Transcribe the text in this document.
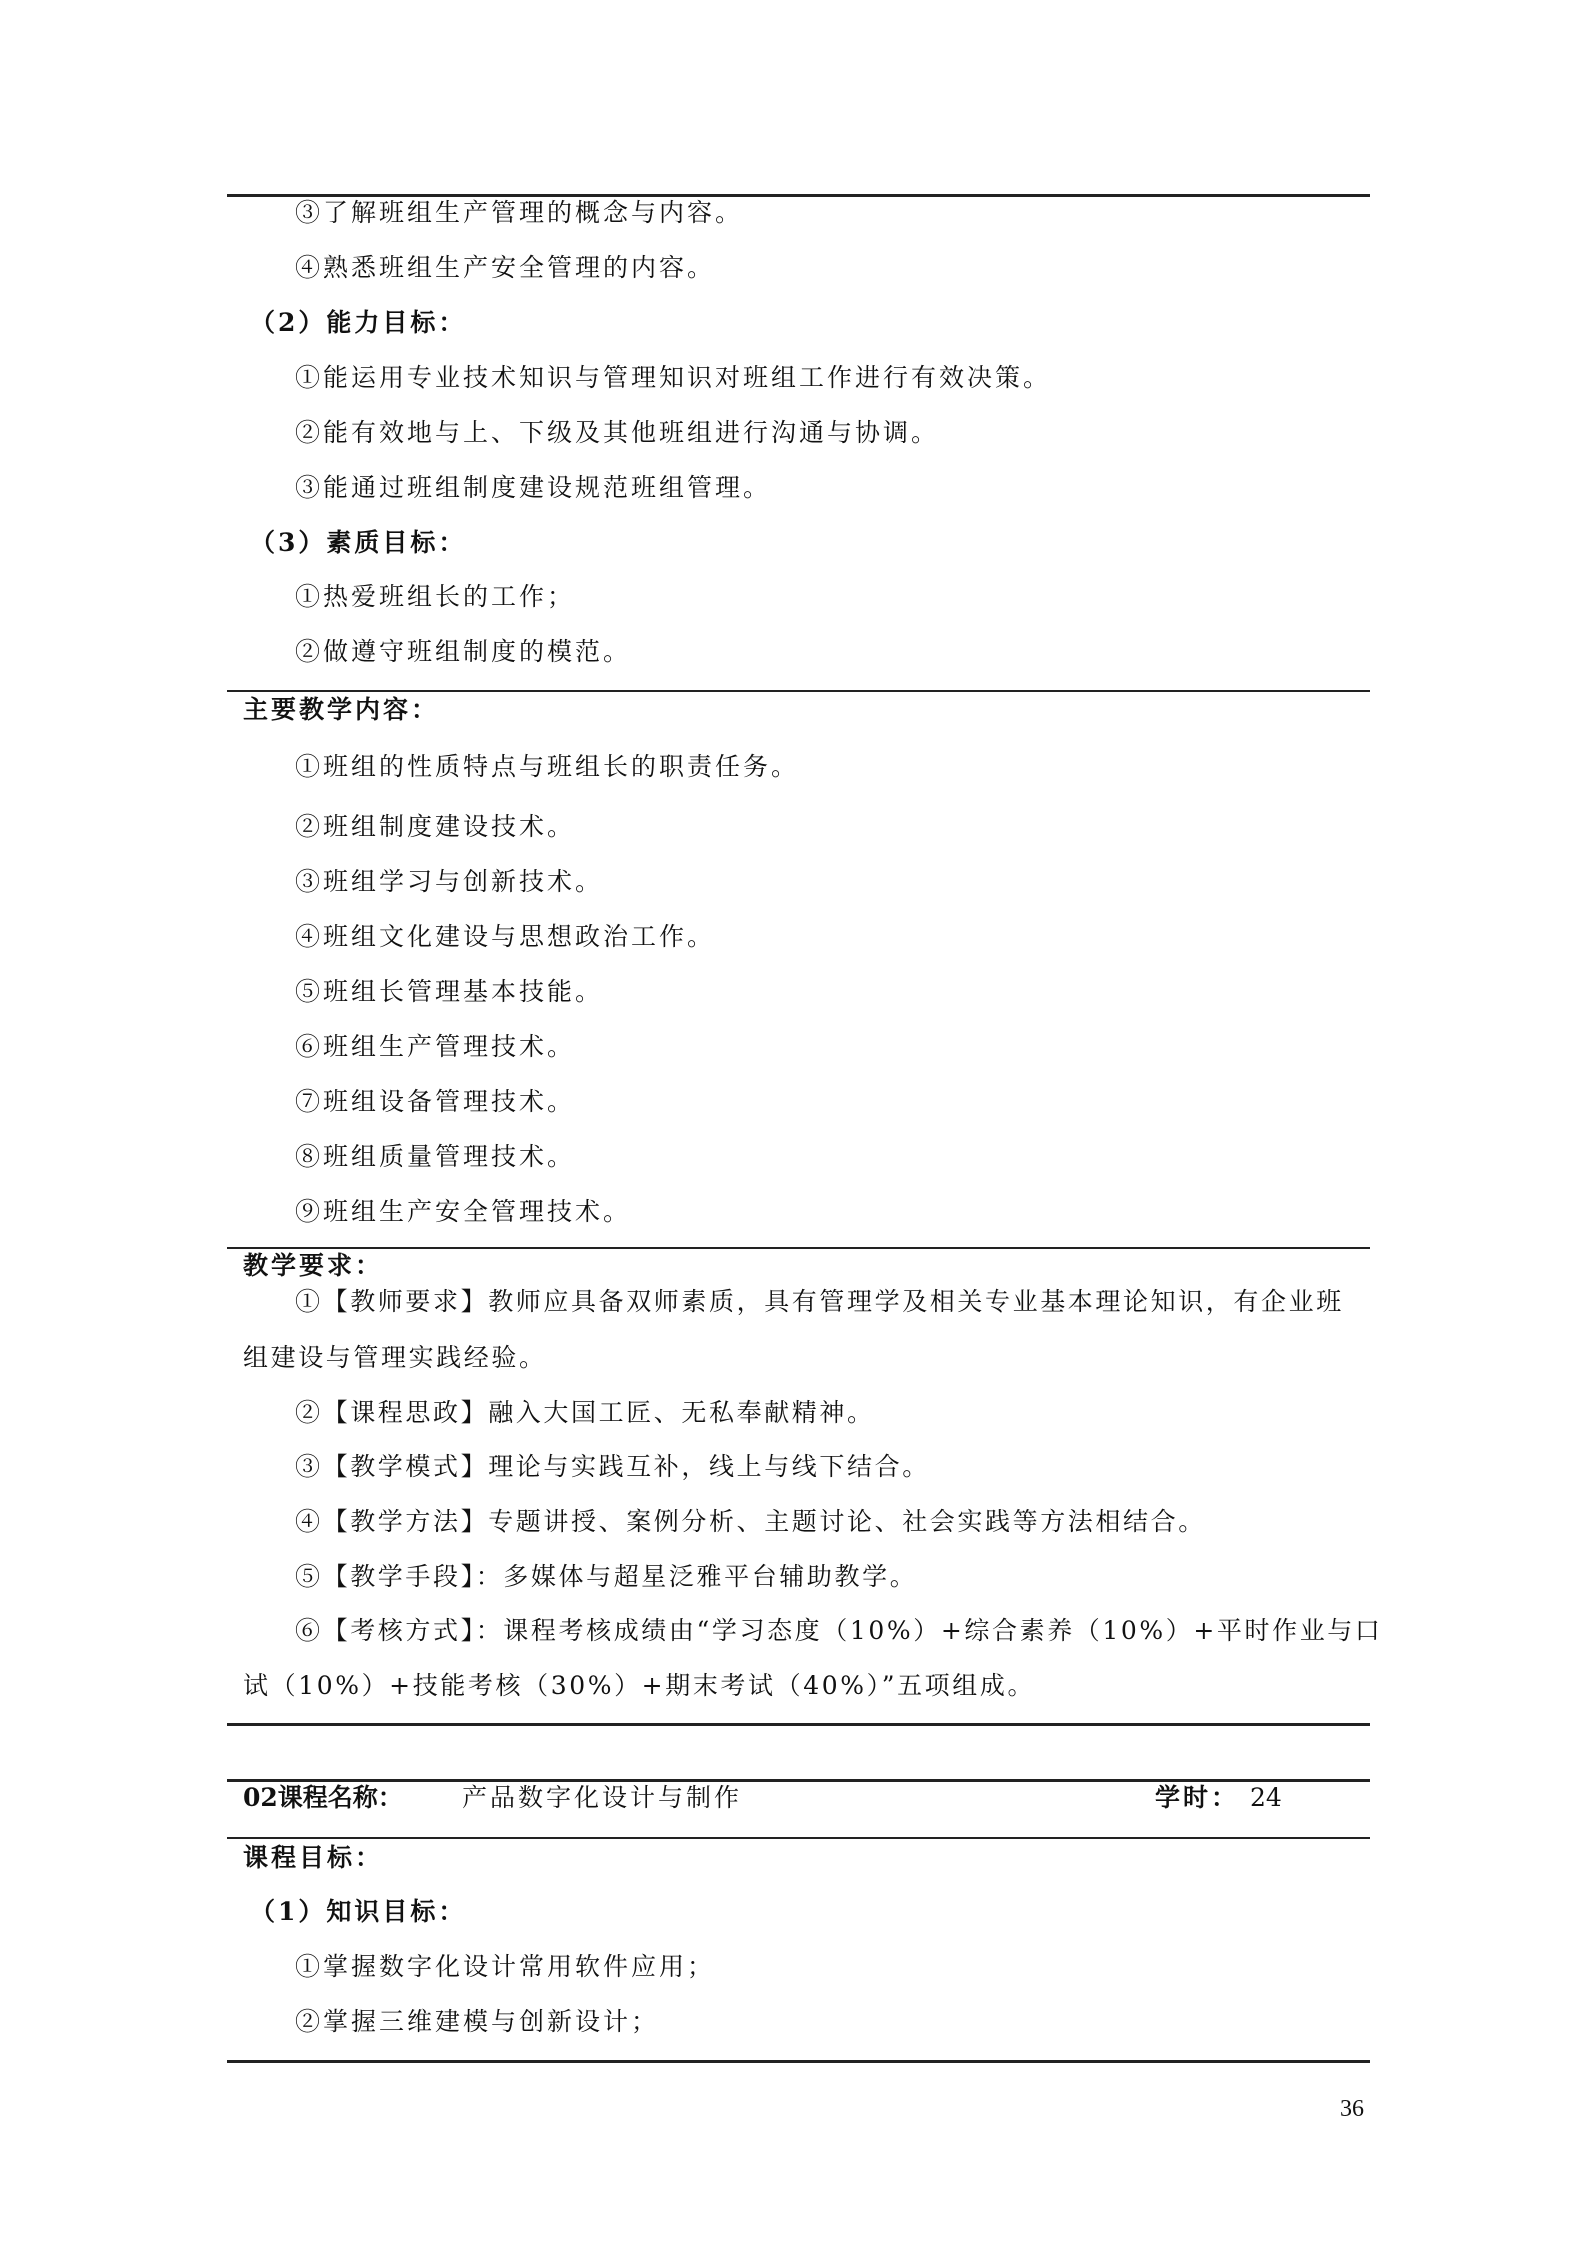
③了解班组生产管理的概念与内容。
④熟悉班组生产安全管理的内容。
（2）能力目标：
①能运用专业技术知识与管理知识对班组工作进行有效决策。
②能有效地与上、下级及其他班组进行沟通与协调。
③能通过班组制度建设规范班组管理。
（3）素质目标：
①热爱班组长的工作；
②做遵守班组制度的模范。
主要教学内容：
①班组的性质特点与班组长的职责任务。
②班组制度建设技术。
③班组学习与创新技术。
④班组文化建设与思想政治工作。
⑤班组长管理基本技能。
⑥班组生产管理技术。
⑦班组设备管理技术。
⑧班组质量管理技术。
⑨班组生产安全管理技术。
教学要求：
①【教师要求】教师应具备双师素质，具有管理学及相关专业基本理论知识，有企业班
组建设与管理实践经验。
②【课程思政】融入大国工匠、无私奉献精神。
③【教学模式】理论与实践互补，线上与线下结合。
④【教学方法】专题讲授、案例分析、主题讨论、社会实践等方法相结合。
⑤【教学手段】：多媒体与超星泛雅平台辅助教学。
⑥【考核方式】：课程考核成绩由“学习态度（10%）+综合素养（10%）+平时作业与口
试（10%）+技能考核（30%）+期末考试（40%）”五项组成。
02课程名称： 产品数字化设计与制作	学时： 24
课程目标：
（1）知识目标：
①掌握数字化设计常用软件应用；
②掌握三维建模与创新设计；
36
